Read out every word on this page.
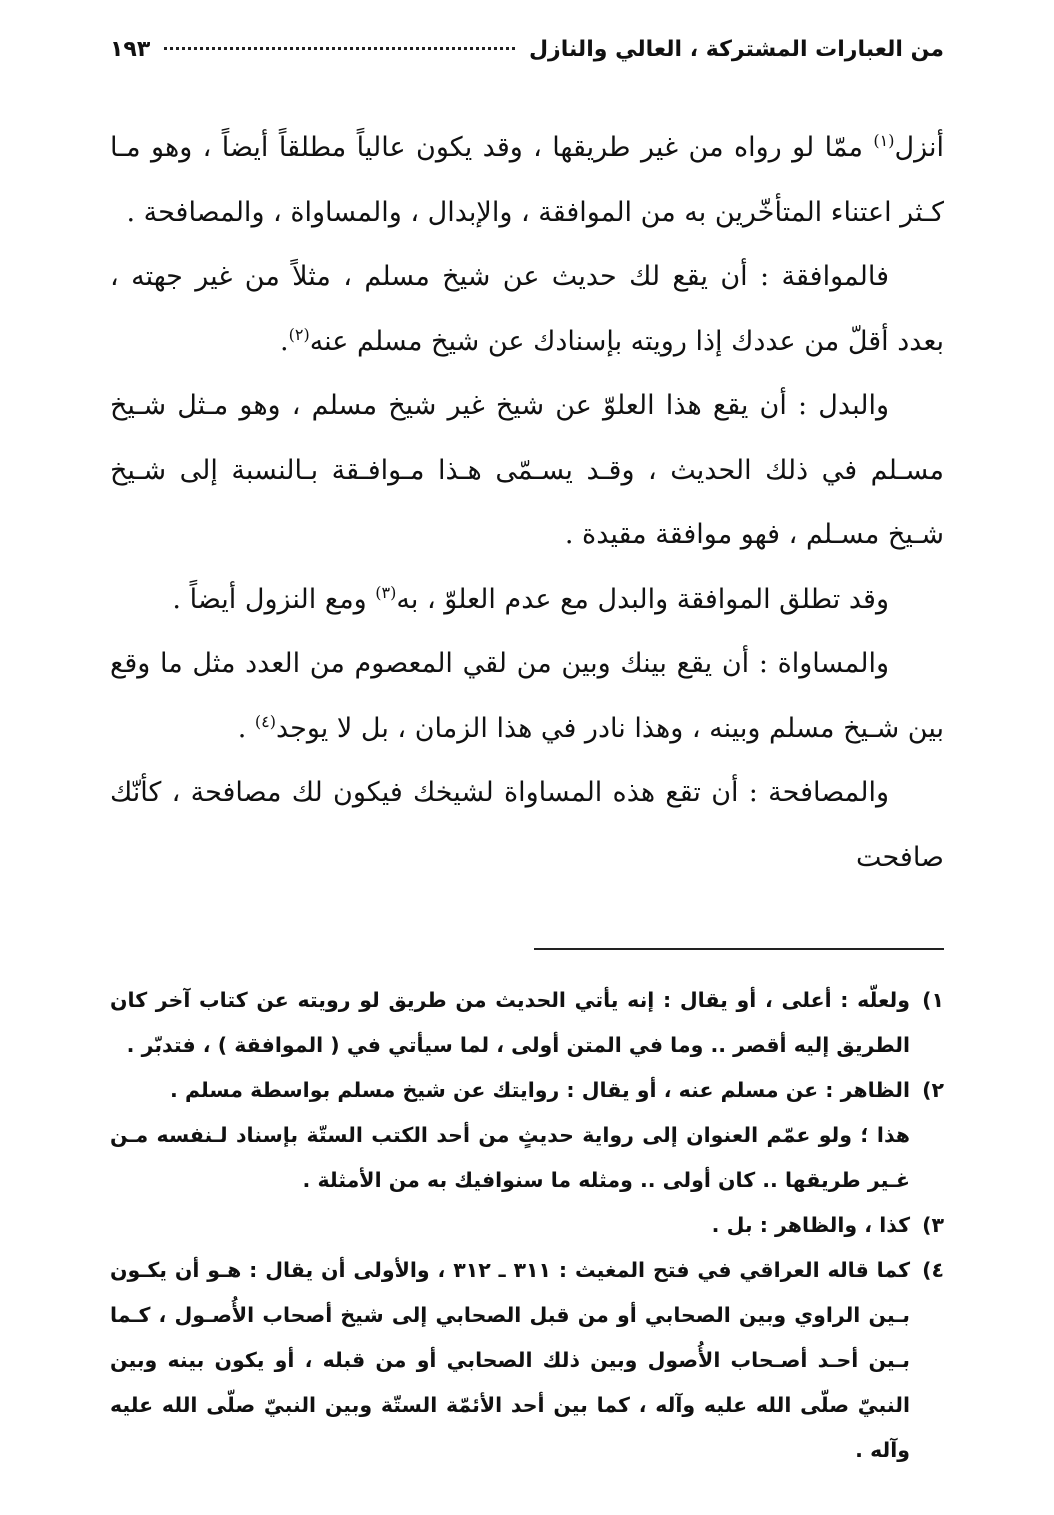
من العبارات المشتركة ، العالي والنازل
١٩٣

أنزل$^{(١)}$ ممّا لو رواه من غير طريقها ، وقد يكون عالياً مطلقاً أيضاً ، وهو مـا كـثر اعتناء المتأخّرين به من الموافقة ، والإبدال ، والمساواة ، والمصافحة .

فالموافقة : أن يقع لك حديث عن شيخ مسلم ، مثلاً من غير جهته ، بعدد أقلّ من عددك إذا رويته بإسنادك عن شيخ مسلم عنه$^{(٢)}$.

والبدل : أن يقع هذا العلوّ عن شيخ غير شيخ مسلم ، وهو مـثل شـيخ مسـلم في ذلك الحديث ، وقـد يسـمّى هـذا مـوافـقة بـالنسبة إلى شـيخ شـيخ مسـلم ، فهو موافقة مقيدة .

وقد تطلق الموافقة والبدل مع عدم العلوّ ، به$^{(٣)}$ ومع النزول أيضاً .

والمساواة : أن يقع بينك وبين من لقي المعصوم من العدد مثل ما وقع بين شـيخ مسلم وبينه ، وهذا نادر في هذا الزمان ، بل لا يوجد$^{(٤)}$ .

والمصافحة : أن تقع هذه المساواة لشيخك فيكون لك مصافحة ، كأنّك صافحت

١)
ولعلّه : أعلى ، أو يقال : إنه يأتي الحديث من طريق لو رويته عن كتاب آخر كان الطريق إليه أقصر .. وما في المتن أولى ، لما سيأتي في ( الموافقة ) ، فتدبّر .
٢)
الظاهر : عن مسلم عنه ، أو يقال : روايتك عن شيخ مسلم بواسطة مسلم .
هذا ؛ ولو عمّم العنوان إلى رواية حديثٍ من أحد الكتب الستّة بإسناد لـنفسه مـن غـير طريقها .. كان أولى .. ومثله ما سنوافيك به من الأمثلة .
٣)
كذا ، والظاهر : بل .
٤)
كما قاله العراقي في فتح المغيث : ٣١١ ـ ٣١٢ ، والأولى أن يقال : هـو أن يكـون بـين الراوي وبين الصحابي أو من قبل الصحابي إلى شيخ أصحاب الأُصـول ، كـما بـين أحـد أصـحاب الأُصول وبين ذلك الصحابي أو من قبله ، أو يكون بينه وبين النبيّ صلّى الله عليه وآله ، كما بين أحد الأئمّة الستّة وبين النبيّ صلّى الله عليه وآله .
